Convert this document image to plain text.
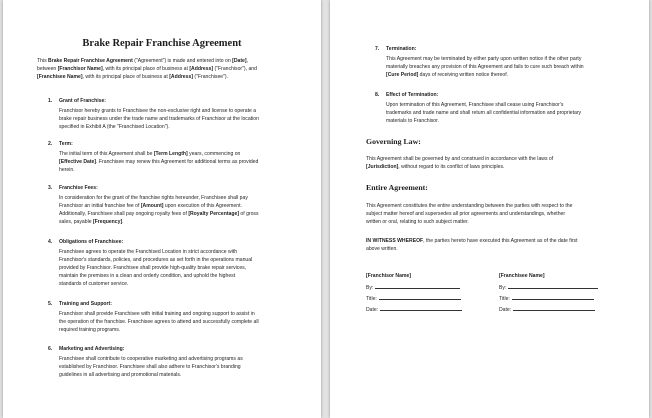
Brake Repair Franchise Agreement
This Brake Repair Franchise Agreement ("Agreement") is made and entered into on [Date],
between [Franchisor Name], with its principal place of business at [Address] ("Franchisor"), and
[Franchisee Name], with its principal place of business at [Address] ("Franchisee").
1. Grant of Franchise:
Franchisor hereby grants to Franchisee the non-exclusive right and license to operate a
brake repair business under the trade name and trademarks of Franchisor at the location
specified in Exhibit A (the "Franchised Location").
2. Term:
The initial term of this Agreement shall be [Term Length] years, commencing on
[Effective Date]. Franchisee may renew this Agreement for additional terms as provided
herein.
3. Franchise Fees:
In consideration for the grant of the franchise rights hereunder, Franchisee shall pay
Franchisor an initial franchise fee of [Amount] upon execution of this Agreement.
Additionally, Franchisee shall pay ongoing royalty fees of [Royalty Percentage] of gross
sales, payable [Frequency].
4. Obligations of Franchisee:
Franchisee agrees to operate the Franchised Location in strict accordance with
Franchisor's standards, policies, and procedures as set forth in the operations manual
provided by Franchisor. Franchisee shall provide high-quality brake repair services,
maintain the premises in a clean and orderly condition, and uphold the highest
standards of customer service.
5. Training and Support:
Franchisor shall provide Franchisee with initial training and ongoing support to assist in
the operation of the franchise. Franchisee agrees to attend and successfully complete all
required training programs.
6. Marketing and Advertising:
Franchisee shall contribute to cooperative marketing and advertising programs as
established by Franchisor. Franchisee shall also adhere to Franchisor's branding
guidelines in all advertising and promotional materials.
7. Termination:
This Agreement may be terminated by either party upon written notice if the other party
materially breaches any provision of this Agreement and fails to cure such breach within
[Cure Period] days of receiving written notice thereof.
8. Effect of Termination:
Upon termination of this Agreement, Franchisee shall cease using Franchisor's
trademarks and trade name and shall return all confidential information and proprietary
materials to Franchisor.
Governing Law:
This Agreement shall be governed by and construed in accordance with the laws of
[Jurisdiction], without regard to its conflict of laws principles.
Entire Agreement:
This Agreement constitutes the entire understanding between the parties with respect to the
subject matter hereof and supersedes all prior agreements and understandings, whether
written or oral, relating to such subject matter.
IN WITNESS WHEREOF, the parties hereto have executed this Agreement as of the date first
above written.
[Franchisor Name]
By:
Title:
Date:
[Franchisee Name]
By:
Title:
Date:
